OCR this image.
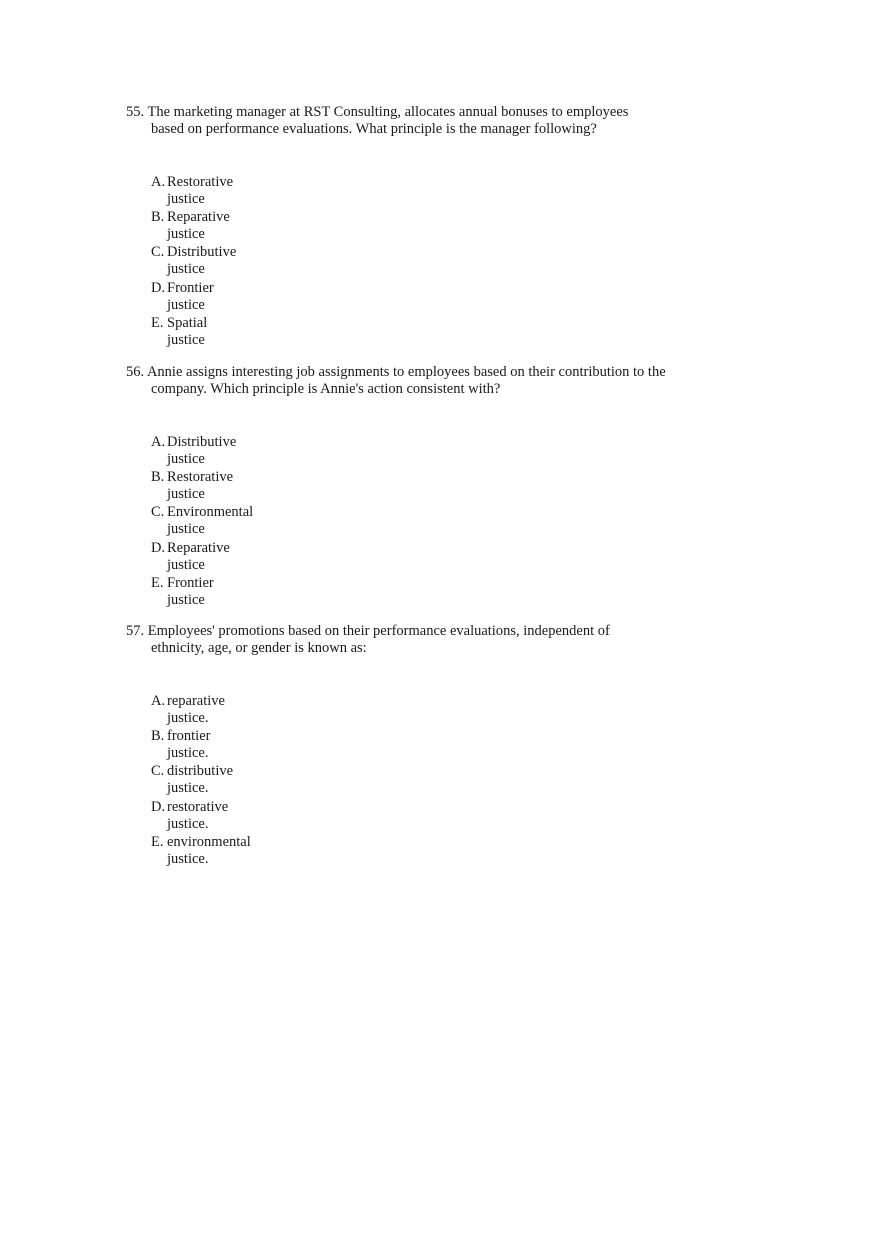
55. The marketing manager at RST Consulting, allocates annual bonuses to employees based on performance evaluations. What principle is the manager following?

A. Restorative
justice
B. Reparative
justice
C. Distributive
justice
D. Frontier
justice
E. Spatial
justice

56. Annie assigns interesting job assignments to employees based on their contribution to the company. Which principle is Annie's action consistent with?

A. Distributive
justice
B. Restorative
justice
C. Environmental
justice
D. Reparative
justice
E. Frontier
justice

57. Employees' promotions based on their performance evaluations, independent of ethnicity, age, or gender is known as:

A. reparative
justice.
B. frontier
justice.
C. distributive
justice.
D. restorative
justice.
E. environmental
justice.
